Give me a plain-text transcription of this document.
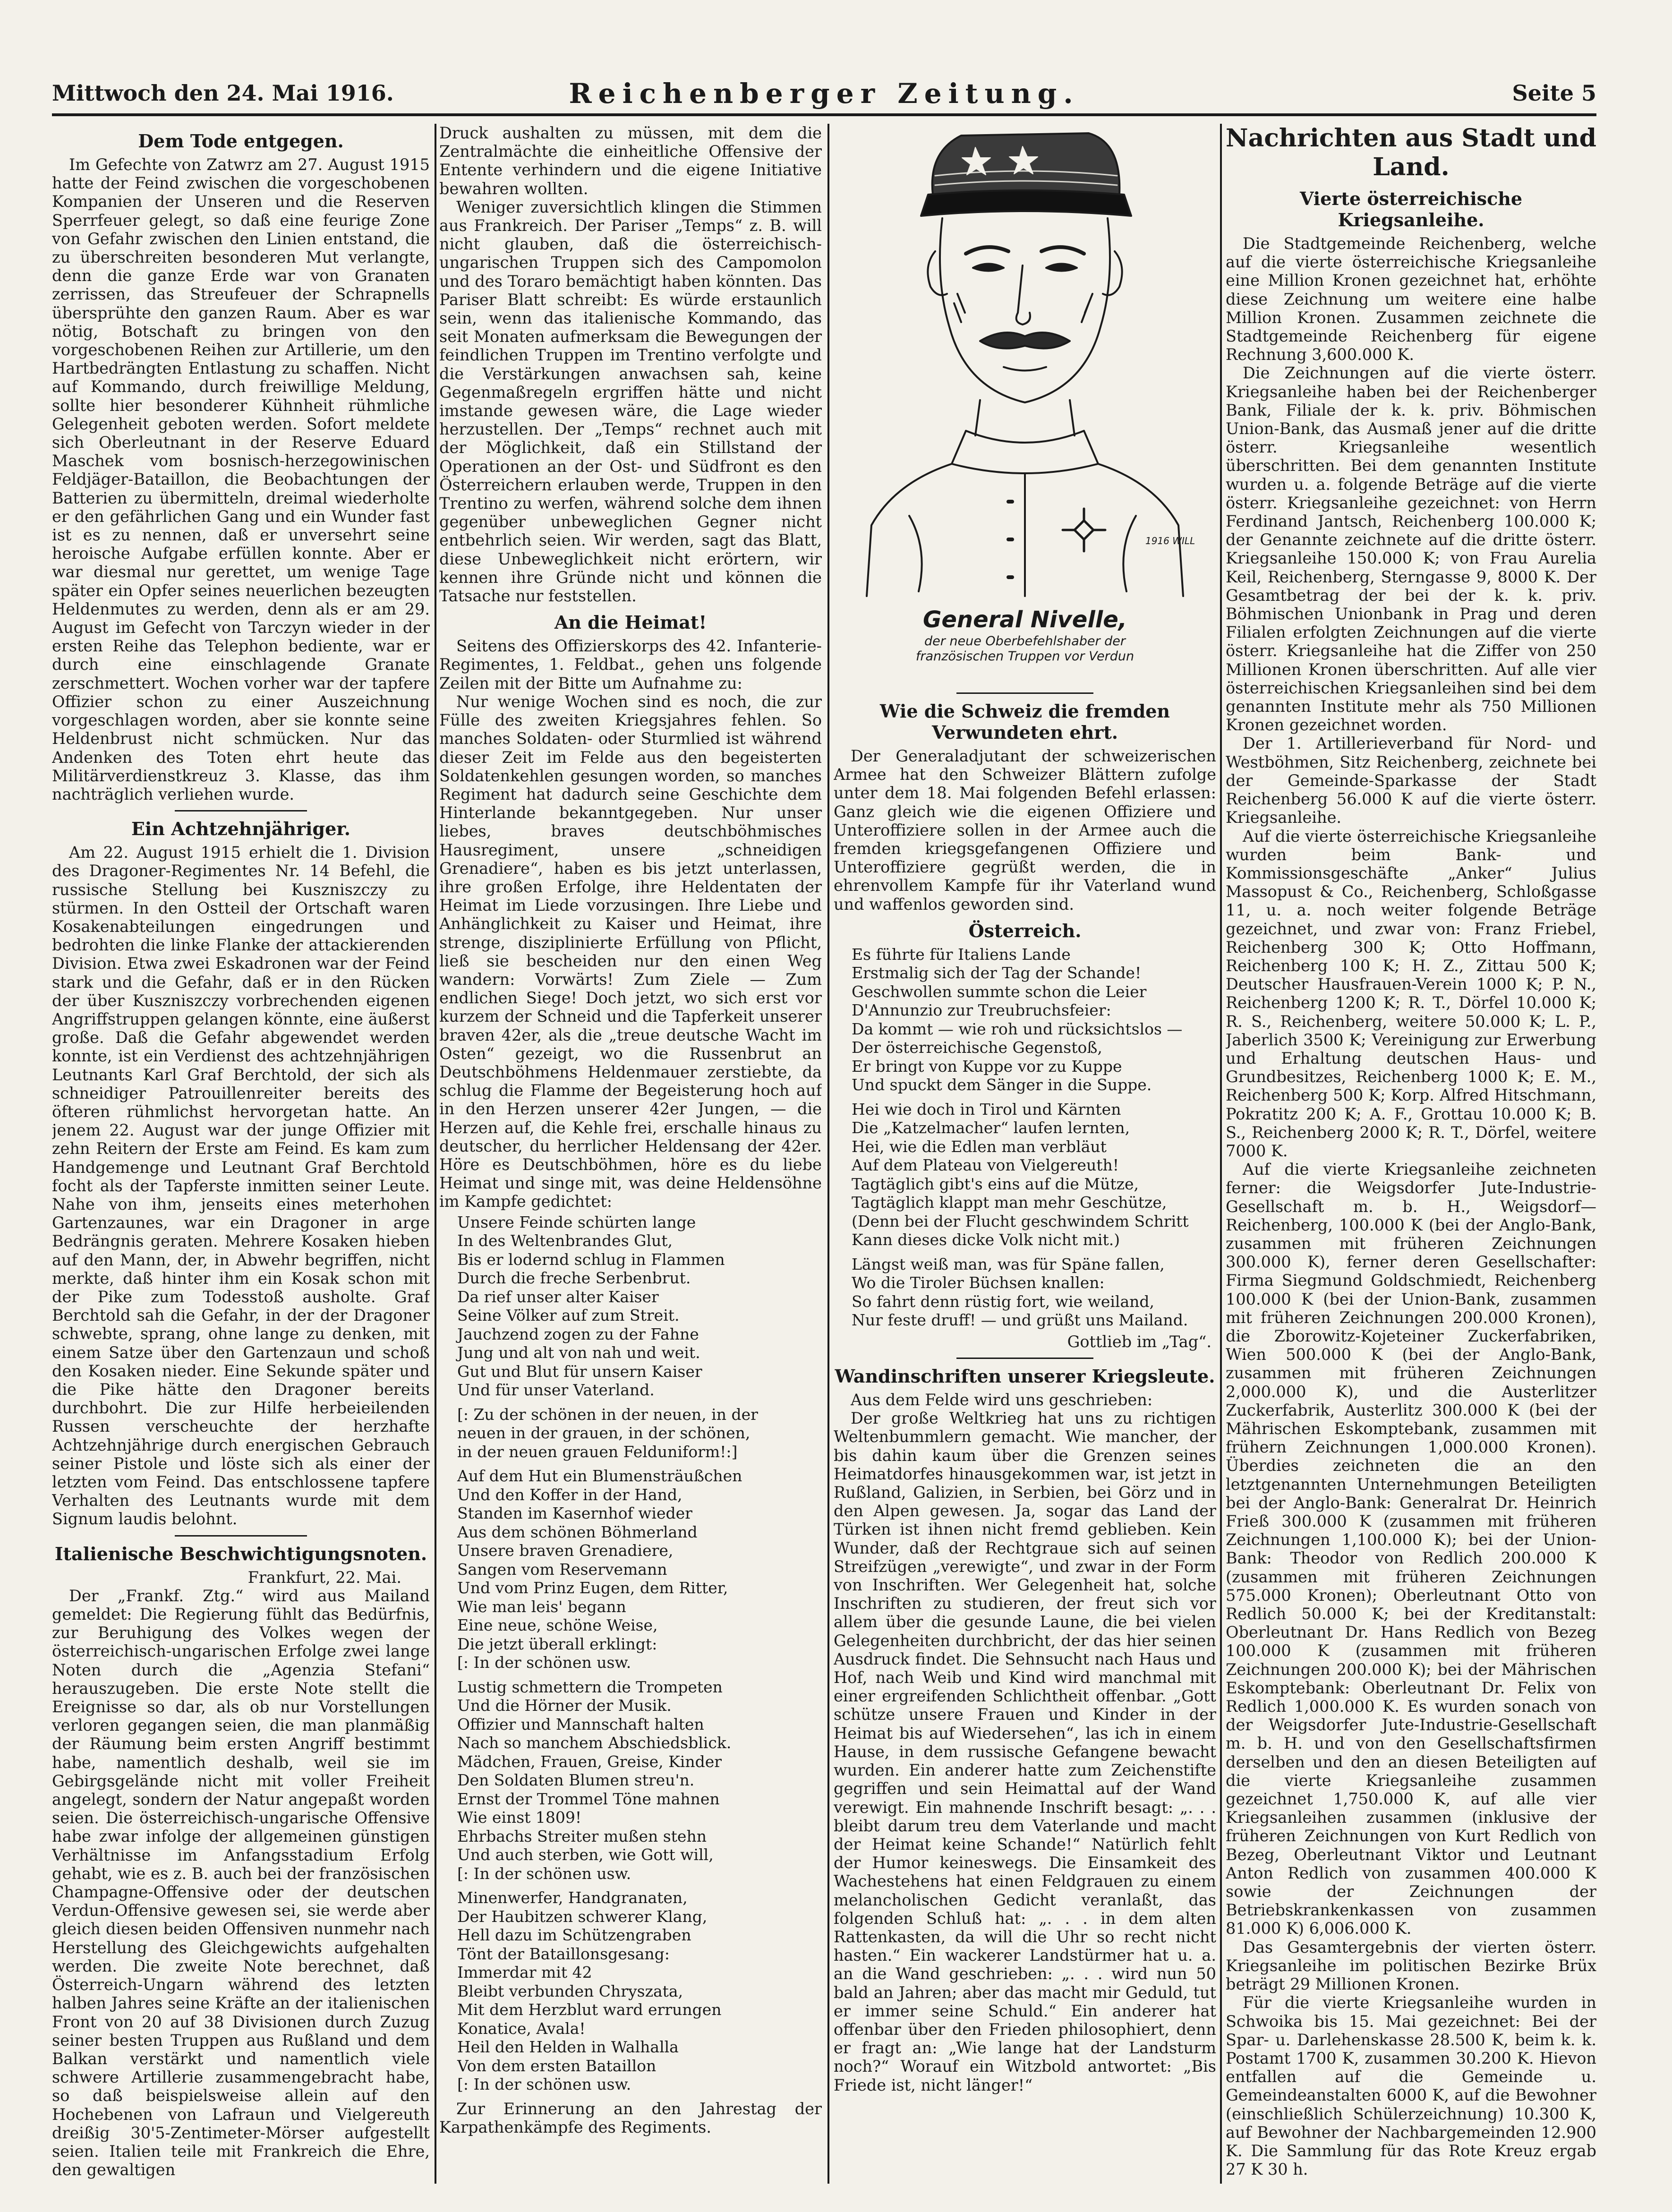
Mittwoch den 24. Mai 1916.	Reichenberger Zeitung.	Seite 5
Dem Tode entgegen.

Im Gefechte von Zatwrz am 27. August 1915 hatte der Feind zwischen die vorgeschobenen Kompanien der Unseren und die Reserven Sperrfeuer gelegt, so daß eine feurige Zone von Gefahr zwischen den Linien entstand, die zu überschreiten besonderen Mut verlangte, denn die ganze Erde war von Granaten zerrissen, das Streufeuer der Schrapnells übersprühte den ganzen Raum. Aber es war nötig, Botschaft zu bringen von den vorgeschobenen Reihen zur Artillerie, um den Hartbedrängten Entlastung zu schaffen. Nicht auf Kommando, durch freiwillige Meldung, sollte hier besonderer Kühnheit rühmliche Gelegenheit geboten werden. Sofort meldete sich Oberleutnant in der Reserve Eduard Maschek vom bosnisch-herzegowinischen Feldjäger-Bataillon, die Beobachtungen der Batterien zu übermitteln, dreimal wiederholte er den gefährlichen Gang und ein Wunder fast ist es zu nennen, daß er unversehrt seine heroische Aufgabe erfüllen konnte. Aber er war diesmal nur gerettet, um wenige Tage später ein Opfer seines neuerlichen bezeugten Heldenmutes zu werden, denn als er am 29. August im Gefecht von Tarczyn wieder in der ersten Reihe das Telephon bediente, war er durch eine einschlagende Granate zerschmettert. Wochen vorher war der tapfere Offizier schon zu einer Auszeichnung vorgeschlagen worden, aber sie konnte seine Heldenbrust nicht schmücken. Nur das Andenken des Toten ehrt heute das Militärverdienstkreuz 3. Klasse, das ihm nachträglich verliehen wurde.

Ein Achtzehnjähriger.

Am 22. August 1915 erhielt die 1. Division des Dragoner-Regimentes Nr. 14 Befehl, die russische Stellung bei Kuszniszczy zu stürmen. In den Ostteil der Ortschaft waren Kosakenabteilungen eingedrungen und bedrohten die linke Flanke der attackierenden Division. Etwa zwei Eskadronen war der Feind stark und die Gefahr, daß er in den Rücken der über Kuszniszczy vorbrechenden eigenen Angriffstruppen gelangen könnte, eine äußerst große. Daß die Gefahr abgewendet werden konnte, ist ein Verdienst des achtzehnjährigen Leutnants Karl Graf Berchtold, der sich als schneidiger Patrouillenreiter bereits des öfteren rühmlichst hervorgetan hatte. An jenem 22. August war der junge Offizier mit zehn Reitern der Erste am Feind. Es kam zum Handgemenge und Leutnant Graf Berchtold focht als der Tapferste inmitten seiner Leute. Nahe von ihm, jenseits eines meterhohen Gartenzaunes, war ein Dragoner in arge Bedrängnis geraten. Mehrere Kosaken hieben auf den Mann, der, in Abwehr begriffen, nicht merkte, daß hinter ihm ein Kosak schon mit der Pike zum Todesstoß ausholte. Graf Berchtold sah die Gefahr, in der der Dragoner schwebte, sprang, ohne lange zu denken, mit einem Satze über den Gartenzaun und schoß den Kosaken nieder. Eine Sekunde später und die Pike hätte den Dragoner bereits durchbohrt. Die zur Hilfe herbeieilenden Russen verscheuchte der herzhafte Achtzehnjährige durch energischen Gebrauch seiner Pistole und löste sich als einer der letzten vom Feind. Das entschlossene tapfere Verhalten des Leutnants wurde mit dem Signum laudis belohnt.

Italienische Beschwichtigungsnoten.

Frankfurt, 22. Mai.

Der „Frankf. Ztg.“ wird aus Mailand gemeldet: Die Regierung fühlt das Bedürfnis, zur Beruhigung des Volkes wegen der österreichisch-ungarischen Erfolge zwei lange Noten durch die „Agenzia Stefani“ herauszugeben. Die erste Note stellt die Ereignisse so dar, als ob nur Vorstellungen verloren gegangen seien, die man planmäßig der Räumung beim ersten Angriff bestimmt habe, namentlich deshalb, weil sie im Gebirgsgelände nicht mit voller Freiheit angelegt, sondern der Natur angepaßt worden seien. Die österreichisch-ungarische Offensive habe zwar infolge der allgemeinen günstigen Verhältnisse im Anfangsstadium Erfolg gehabt, wie es z. B. auch bei der französischen Champagne-Offensive oder der deutschen Verdun-Offensive gewesen sei, sie werde aber gleich diesen beiden Offensiven nunmehr nach Herstellung des Gleichgewichts aufgehalten werden. Die zweite Note berechnet, daß Österreich-Ungarn während des letzten halben Jahres seine Kräfte an der italienischen Front von 20 auf 38 Divisionen durch Zuzug seiner besten Truppen aus Rußland und dem Balkan verstärkt und namentlich viele schwere Artillerie zusammengebracht habe, so daß beispielsweise allein auf den Hochebenen von Lafraun und Vielgereuth dreißig 30'5-Zentimeter-Mörser aufgestellt seien. Italien teile mit Frankreich die Ehre, den gewaltigen

Druck aushalten zu müssen, mit dem die Zentralmächte die einheitliche Offensive der Entente verhindern und die eigene Initiative bewahren wollten.

Weniger zuversichtlich klingen die Stimmen aus Frankreich. Der Pariser „Temps“ z. B. will nicht glauben, daß die österreichisch-ungarischen Truppen sich des Campomolon und des Toraro bemächtigt haben könnten. Das Pariser Blatt schreibt: Es würde erstaunlich sein, wenn das italienische Kommando, das seit Monaten aufmerksam die Bewegungen der feindlichen Truppen im Trentino verfolgte und die Verstärkungen anwachsen sah, keine Gegenmaßregeln ergriffen hätte und nicht imstande gewesen wäre, die Lage wieder herzustellen. Der „Temps“ rechnet auch mit der Möglichkeit, daß ein Stillstand der Operationen an der Ost- und Südfront es den Österreichern erlauben werde, Truppen in den Trentino zu werfen, während solche dem ihnen gegenüber unbeweglichen Gegner nicht entbehrlich seien. Wir werden, sagt das Blatt, diese Unbeweglichkeit nicht erörtern, wir kennen ihre Gründe nicht und können die Tatsache nur feststellen.

An die Heimat!

Seitens des Offizierskorps des 42. Infanterie-Regimentes, 1. Feldbat., gehen uns folgende Zeilen mit der Bitte um Aufnahme zu:

Nur wenige Wochen sind es noch, die zur Fülle des zweiten Kriegsjahres fehlen. So manches Soldaten- oder Sturmlied ist während dieser Zeit im Felde aus den begeisterten Soldatenkehlen gesungen worden, so manches Regiment hat dadurch seine Geschichte dem Hinterlande bekanntgegeben. Nur unser liebes, braves deutschböhmisches Hausregiment, unsere „schneidigen Grenadiere“, haben es bis jetzt unterlassen, ihre großen Erfolge, ihre Heldentaten der Heimat im Liede vorzusingen. Ihre Liebe und Anhänglichkeit zu Kaiser und Heimat, ihre strenge, disziplinierte Erfüllung von Pflicht, ließ sie bescheiden nur den einen Weg wandern: Vorwärts! Zum Ziele — Zum endlichen Siege! Doch jetzt, wo sich erst vor kurzem der Schneid und die Tapferkeit unserer braven 42er, als die „treue deutsche Wacht im Osten“ gezeigt, wo die Russenbrut an Deutschböhmens Heldenmauer zerstiebte, da schlug die Flamme der Begeisterung hoch auf in den Herzen unserer 42er Jungen, — die Herzen auf, die Kehle frei, erschalle hinaus zu deutscher, du herrlicher Heldensang der 42er. Höre es Deutschböhmen, höre es du liebe Heimat und singe mit, was deine Heldensöhne im Kampfe gedichtet:

Unsere Feinde schürten lange
In des Weltenbrandes Glut,
Bis er lodernd schlug in Flammen
Durch die freche Serbenbrut.
Da rief unser alter Kaiser
Seine Völker auf zum Streit.
Jauchzend zogen zu der Fahne
Jung und alt von nah und weit.
Gut und Blut für unsern Kaiser
Und für unser Vaterland.

[: Zu der schönen in der neuen, in der
neuen in der grauen, in der schönen,
in der neuen grauen Felduniform!:]

Auf dem Hut ein Blumensträußchen
Und den Koffer in der Hand,
Standen im Kasernhof wieder
Aus dem schönen Böhmerland
Unsere braven Grenadiere,
Sangen vom Reservemann
Und vom Prinz Eugen, dem Ritter,
Wie man leis' begann
Eine neue, schöne Weise,
Die jetzt überall erklingt:
[: In der schönen usw.

Lustig schmettern die Trompeten
Und die Hörner der Musik.
Offizier und Mannschaft halten
Nach so manchem Abschiedsblick.
Mädchen, Frauen, Greise, Kinder
Den Soldaten Blumen streu'n.
Ernst der Trommel Töne mahnen
Wie einst 1809!
Ehrbachs Streiter mußen stehn
Und auch sterben, wie Gott will,
[: In der schönen usw.

Minenwerfer, Handgranaten,
Der Haubitzen schwerer Klang,
Hell dazu im Schützengraben
Tönt der Bataillonsgesang:
Immerdar mit 42
Bleibt verbunden Chryszata,
Mit dem Herzblut ward errungen
Konatice, Avala!
Heil den Helden in Walhalla
Von dem ersten Bataillon
[: In der schönen usw.

Zur Erinnerung an den Jahrestag der Karpathenkämpfe des Regiments.

1916 WILL
General Nivelle,
der neue Oberbefehlshaber der
französischen Truppen vor Verdun
Wie die Schweiz die fremden Verwundeten ehrt.

Der Generaladjutant der schweizerischen Armee hat den Schweizer Blättern zufolge unter dem 18. Mai folgenden Befehl erlassen: Ganz gleich wie die eigenen Offiziere und Unteroffiziere sollen in der Armee auch die fremden kriegsgefangenen Offiziere und Unteroffiziere gegrüßt werden, die in ehrenvollem Kampfe für ihr Vaterland wund und waffenlos geworden sind.

Österreich.

Es führte für Italiens Lande
Erstmalig sich der Tag der Schande!
Geschwollen summte schon die Leier
D'Annunzio zur Treubruchsfeier:
Da kommt — wie roh und rücksichtslos —
Der österreichische Gegenstoß,
Er bringt von Kuppe vor zu Kuppe
Und spuckt dem Sänger in die Suppe.

Hei wie doch in Tirol und Kärnten
Die „Katzelmacher“ laufen lernten,
Hei, wie die Edlen man verbläut
Auf dem Plateau von Vielgereuth!
Tagtäglich gibt's eins auf die Mütze,
Tagtäglich klappt man mehr Geschütze,
(Denn bei der Flucht geschwindem Schritt
Kann dieses dicke Volk nicht mit.)

Längst weiß man, was für Späne fallen,
Wo die Tiroler Büchsen knallen:
So fahrt denn rüstig fort, wie weiland,
Nur feste druff! — und grüßt uns Mailand.

Gottlieb im „Tag“.

Wandinschriften unserer Kriegsleute.

Aus dem Felde wird uns geschrieben:

Der große Weltkrieg hat uns zu richtigen Weltenbummlern gemacht. Wie mancher, der bis dahin kaum über die Grenzen seines Heimatdorfes hinausgekommen war, ist jetzt in Rußland, Galizien, in Serbien, bei Görz und in den Alpen gewesen. Ja, sogar das Land der Türken ist ihnen nicht fremd geblieben. Kein Wunder, daß der Rechtgraue sich auf seinen Streifzügen „verewigte“, und zwar in der Form von Inschriften. Wer Gelegenheit hat, solche Inschriften zu studieren, der freut sich vor allem über die gesunde Laune, die bei vielen Gelegenheiten durchbricht, der das hier seinen Ausdruck findet. Die Sehnsucht nach Haus und Hof, nach Weib und Kind wird manchmal mit einer ergreifenden Schlichtheit offenbar. „Gott schütze unsere Frauen und Kinder in der Heimat bis auf Wiedersehen“, las ich in einem Hause, in dem russische Gefangene bewacht wurden. Ein anderer hatte zum Zeichenstifte gegriffen und sein Heimattal auf der Wand verewigt. Ein mahnende Inschrift besagt: „. . . bleibt darum treu dem Vaterlande und macht der Heimat keine Schande!“ Natürlich fehlt der Humor keineswegs. Die Einsamkeit des Wachestehens hat einen Feldgrauen zu einem melancholischen Gedicht veranlaßt, das folgenden Schluß hat: „. . . in dem alten Rattenkasten, da will die Uhr so recht nicht hasten.“ Ein wackerer Landstürmer hat u. a. an die Wand geschrieben: „. . . wird nun 50 bald an Jahren; aber das macht mir Geduld, tut er immer seine Schuld.“ Ein anderer hat offenbar über den Frieden philosophiert, denn er fragt an: „Wie lange hat der Landsturm noch?“ Worauf ein Witzbold antwortet: „Bis Friede ist, nicht länger!“

Nachrichten aus Stadt und Land.
Vierte österreichische Kriegsanleihe.

Die Stadtgemeinde Reichenberg, welche auf die vierte österreichische Kriegsanleihe eine Million Kronen gezeichnet hat, erhöhte diese Zeichnung um weitere eine halbe Million Kronen. Zusammen zeichnete die Stadtgemeinde Reichenberg für eigene Rechnung 3,600.000 K.

Die Zeichnungen auf die vierte österr. Kriegsanleihe haben bei der Reichenberger Bank, Filiale der k. k. priv. Böhmischen Union-Bank, das Ausmaß jener auf die dritte österr. Kriegsanleihe wesentlich überschritten. Bei dem genannten Institute wurden u. a. folgende Beträge auf die vierte österr. Kriegsanleihe gezeichnet: von Herrn Ferdinand Jantsch, Reichenberg 100.000 K; der Genannte zeichnete auf die dritte österr. Kriegsanleihe 150.000 K; von Frau Aurelia Keil, Reichenberg, Sterngasse 9, 8000 K. Der Gesamtbetrag der bei der k. k. priv. Böhmischen Unionbank in Prag und deren Filialen erfolgten Zeichnungen auf die vierte österr. Kriegsanleihe hat die Ziffer von 250 Millionen Kronen überschritten. Auf alle vier österreichischen Kriegsanleihen sind bei dem genannten Institute mehr als 750 Millionen Kronen gezeichnet worden.

Der 1. Artillerieverband für Nord- und Westböhmen, Sitz Reichenberg, zeichnete bei der Gemeinde-Sparkasse der Stadt Reichenberg 56.000 K auf die vierte österr. Kriegsanleihe.

Auf die vierte österreichische Kriegsanleihe wurden beim Bank- und Kommissionsgeschäfte „Anker“ Julius Massopust & Co., Reichenberg, Schloßgasse 11, u. a. noch weiter folgende Beträge gezeichnet, und zwar von: Franz Friebel, Reichenberg 300 K; Otto Hoffmann, Reichenberg 100 K; H. Z., Zittau 500 K; Deutscher Hausfrauen-Verein 1000 K; P. N., Reichenberg 1200 K; R. T., Dörfel 10.000 K; R. S., Reichenberg, weitere 50.000 K; L. P., Jaberlich 3500 K; Vereinigung zur Erwerbung und Erhaltung deutschen Haus- und Grundbesitzes, Reichenberg 1000 K; E. M., Reichenberg 500 K; Korp. Alfred Hitschmann, Pokratitz 200 K; A. F., Grottau 10.000 K; B. S., Reichenberg 2000 K; R. T., Dörfel, weitere 7000 K.

Auf die vierte Kriegsanleihe zeichneten ferner: die Weigsdorfer Jute-Industrie-Gesellschaft m. b. H., Weigsdorf—Reichenberg, 100.000 K (bei der Anglo-Bank, zusammen mit früheren Zeichnungen 300.000 K), ferner deren Gesellschafter: Firma Siegmund Goldschmiedt, Reichenberg 100.000 K (bei der Union-Bank, zusammen mit früheren Zeichnungen 200.000 Kronen), die Zborowitz-Kojeteiner Zuckerfabriken, Wien 500.000 K (bei der Anglo-Bank, zusammen mit früheren Zeichnungen 2,000.000 K), und die Austerlitzer Zuckerfabrik, Austerlitz 300.000 K (bei der Mährischen Eskomptebank, zusammen mit frühern Zeichnungen 1,000.000 Kronen). Überdies zeichneten die an den letztgenannten Unternehmungen Beteiligten bei der Anglo-Bank: Generalrat Dr. Heinrich Frieß 300.000 K (zusammen mit früheren Zeichnungen 1,100.000 K); bei der Union-Bank: Theodor von Redlich 200.000 K (zusammen mit früheren Zeichnungen 575.000 Kronen); Oberleutnant Otto von Redlich 50.000 K; bei der Kreditanstalt: Oberleutnant Dr. Hans Redlich von Bezeg 100.000 K (zusammen mit früheren Zeichnungen 200.000 K); bei der Mährischen Eskomptebank: Oberleutnant Dr. Felix von Redlich 1,000.000 K. Es wurden sonach von der Weigsdorfer Jute-Industrie-Gesellschaft m. b. H. und von den Gesellschaftsfirmen derselben und den an diesen Beteiligten auf die vierte Kriegsanleihe zusammen gezeichnet 1,750.000 K, auf alle vier Kriegsanleihen zusammen (inklusive der früheren Zeichnungen von Kurt Redlich von Bezeg, Oberleutnant Viktor und Leutnant Anton Redlich von zusammen 400.000 K sowie der Zeichnungen der Betriebskrankenkassen von zusammen 81.000 K) 6,006.000 K.

Das Gesamtergebnis der vierten österr. Kriegsanleihe im politischen Bezirke Brüx beträgt 29 Millionen Kronen.

Für die vierte Kriegsanleihe wurden in Schwoika bis 15. Mai gezeichnet: Bei der Spar- u. Darlehenskasse 28.500 K, beim k. k. Postamt 1700 K, zusammen 30.200 K. Hievon entfallen auf die Gemeinde u. Gemeindeanstalten 6000 K, auf die Bewohner (einschließlich Schülerzeichnung) 10.300 K, auf Bewohner der Nachbargemeinden 12.900 K. Die Sammlung für das Rote Kreuz ergab 27 K 30 h.
